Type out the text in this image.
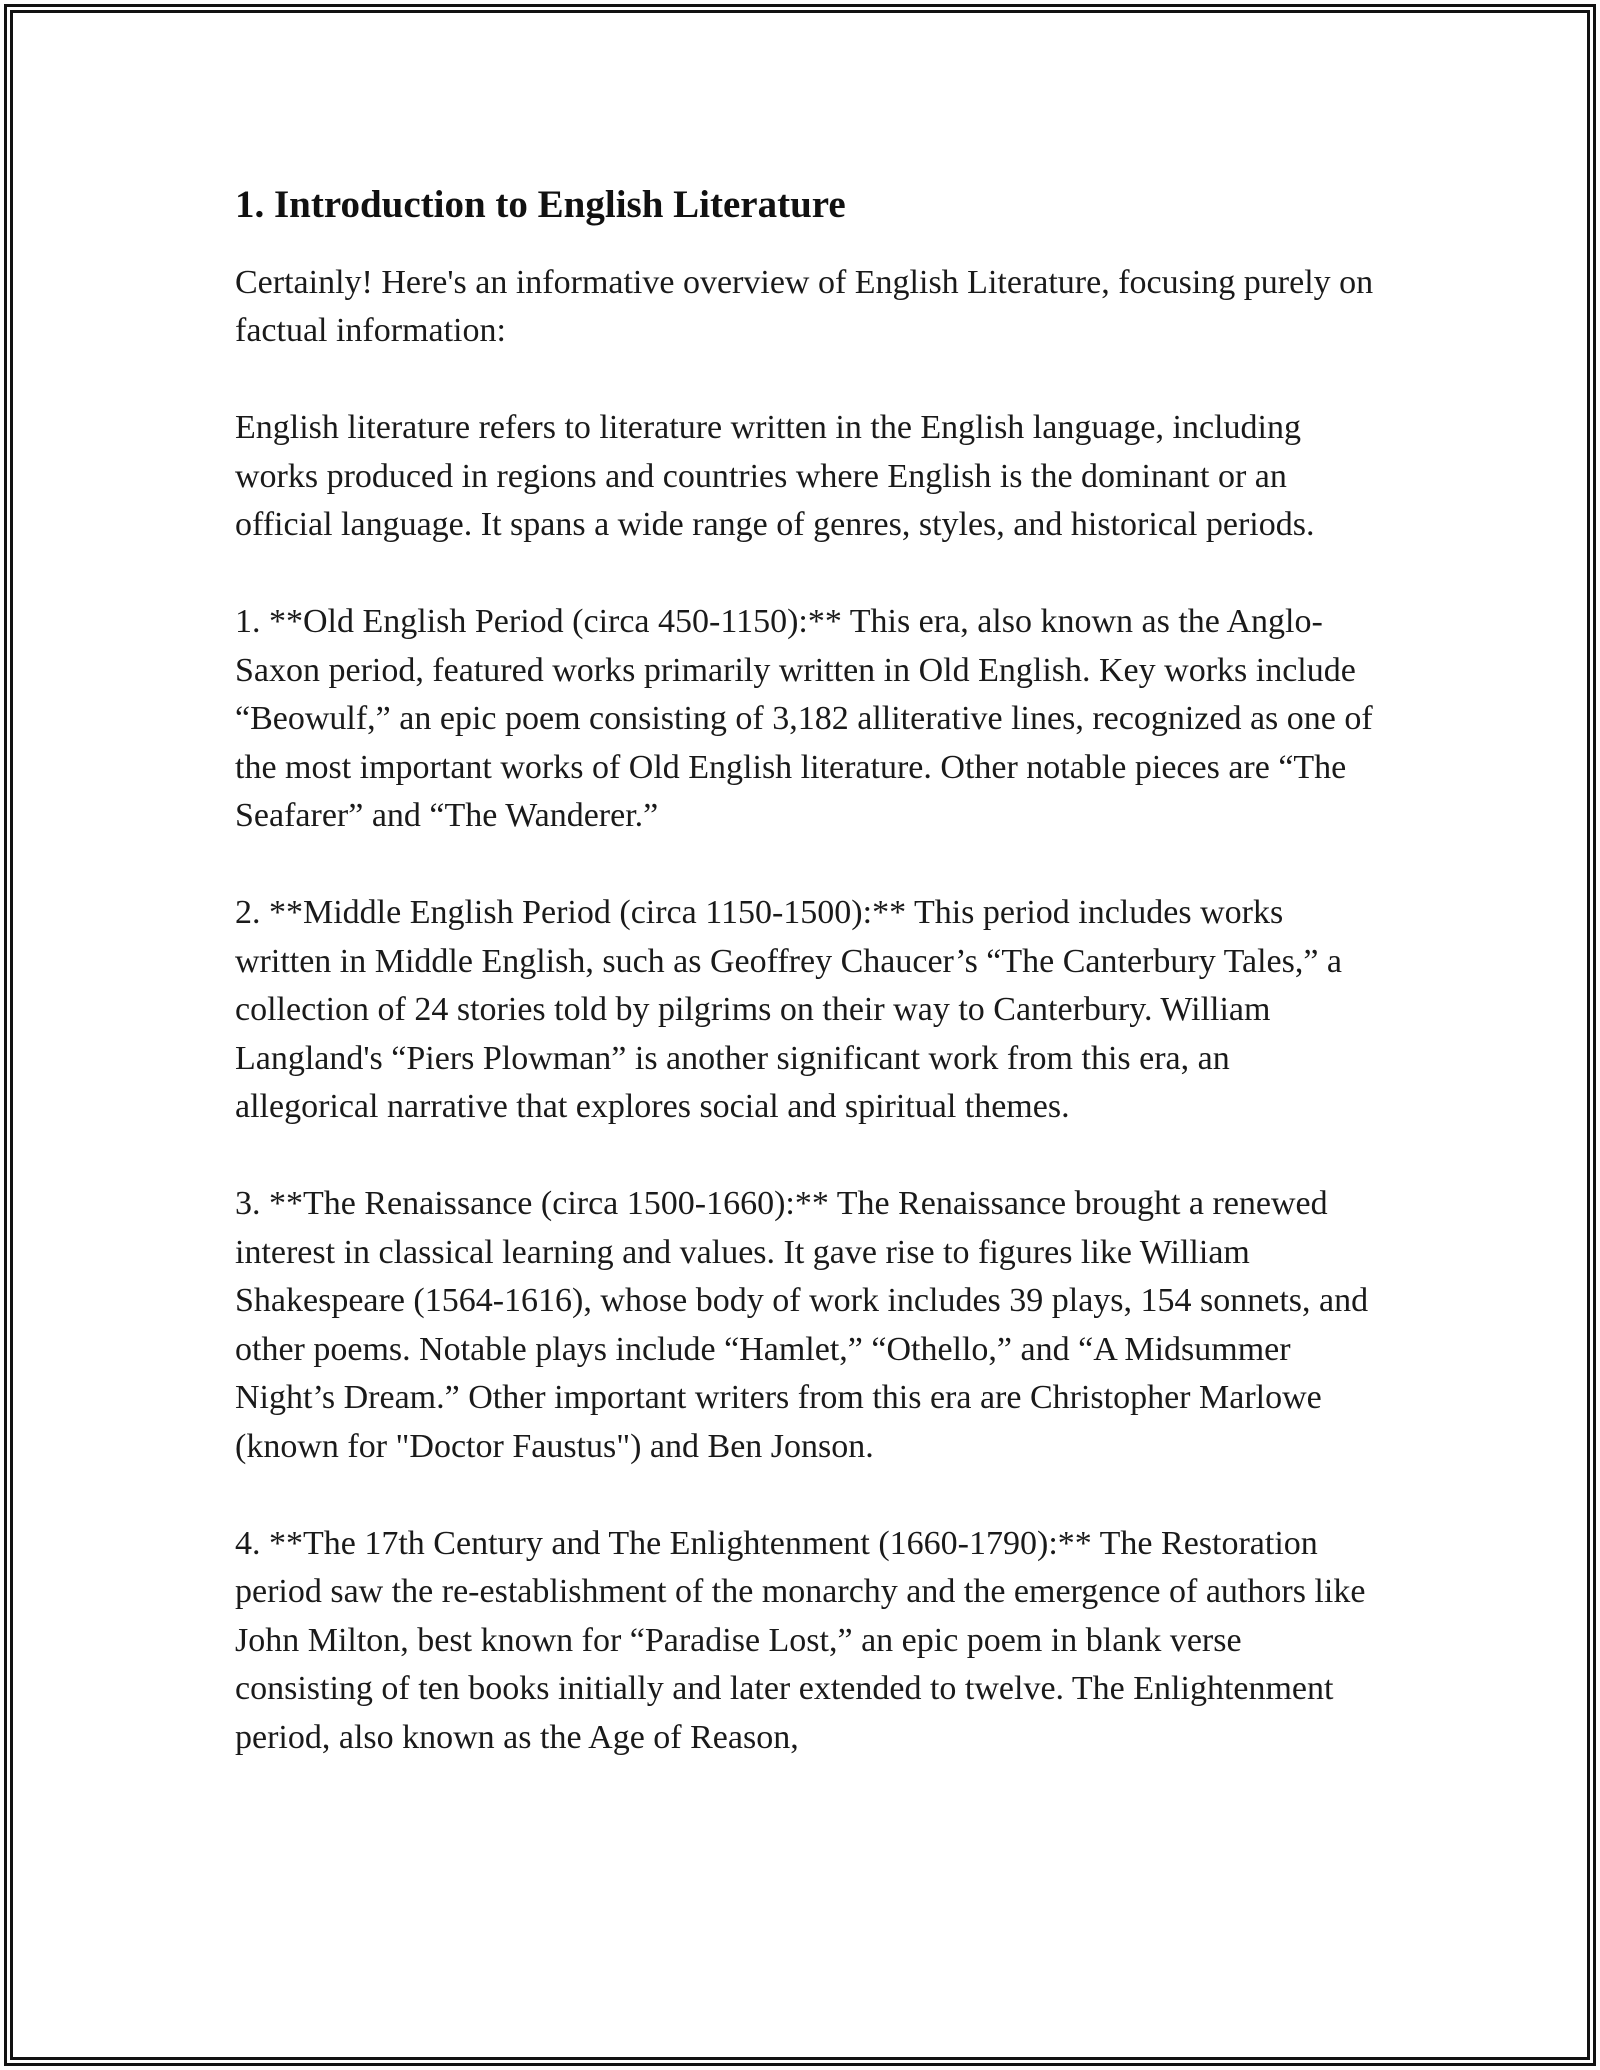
1. Introduction to English Literature

Certainly! Here's an informative overview of English Literature, focusing purely on factual information:

English literature refers to literature written in the English language, including works produced in regions and countries where English is the dominant or an official language. It spans a wide range of genres, styles, and historical periods.

1. **Old English Period (circa 450-1150):** This era, also known as the Anglo-Saxon period, featured works primarily written in Old English. Key works include “Beowulf,” an epic poem consisting of 3,182 alliterative lines, recognized as one of the most important works of Old English literature. Other notable pieces are “The Seafarer” and “The Wanderer.”

2. **Middle English Period (circa 1150-1500):** This period includes works written in Middle English, such as Geoffrey Chaucer’s “The Canterbury Tales,” a collection of 24 stories told by pilgrims on their way to Canterbury. William Langland's “Piers Plowman” is another significant work from this era, an allegorical narrative that explores social and spiritual themes.

3. **The Renaissance (circa 1500-1660):** The Renaissance brought a renewed interest in classical learning and values. It gave rise to figures like William Shakespeare (1564-1616), whose body of work includes 39 plays, 154 sonnets, and other poems. Notable plays include “Hamlet,” “Othello,” and “A Midsummer Night’s Dream.” Other important writers from this era are Christopher Marlowe (known for "Doctor Faustus") and Ben Jonson.

4. **The 17th Century and The Enlightenment (1660-1790):** The Restoration period saw the re-establishment of the monarchy and the emergence of authors like John Milton, best known for “Paradise Lost,” an epic poem in blank verse consisting of ten books initially and later extended to twelve. The Enlightenment period, also known as the Age of Reason,
